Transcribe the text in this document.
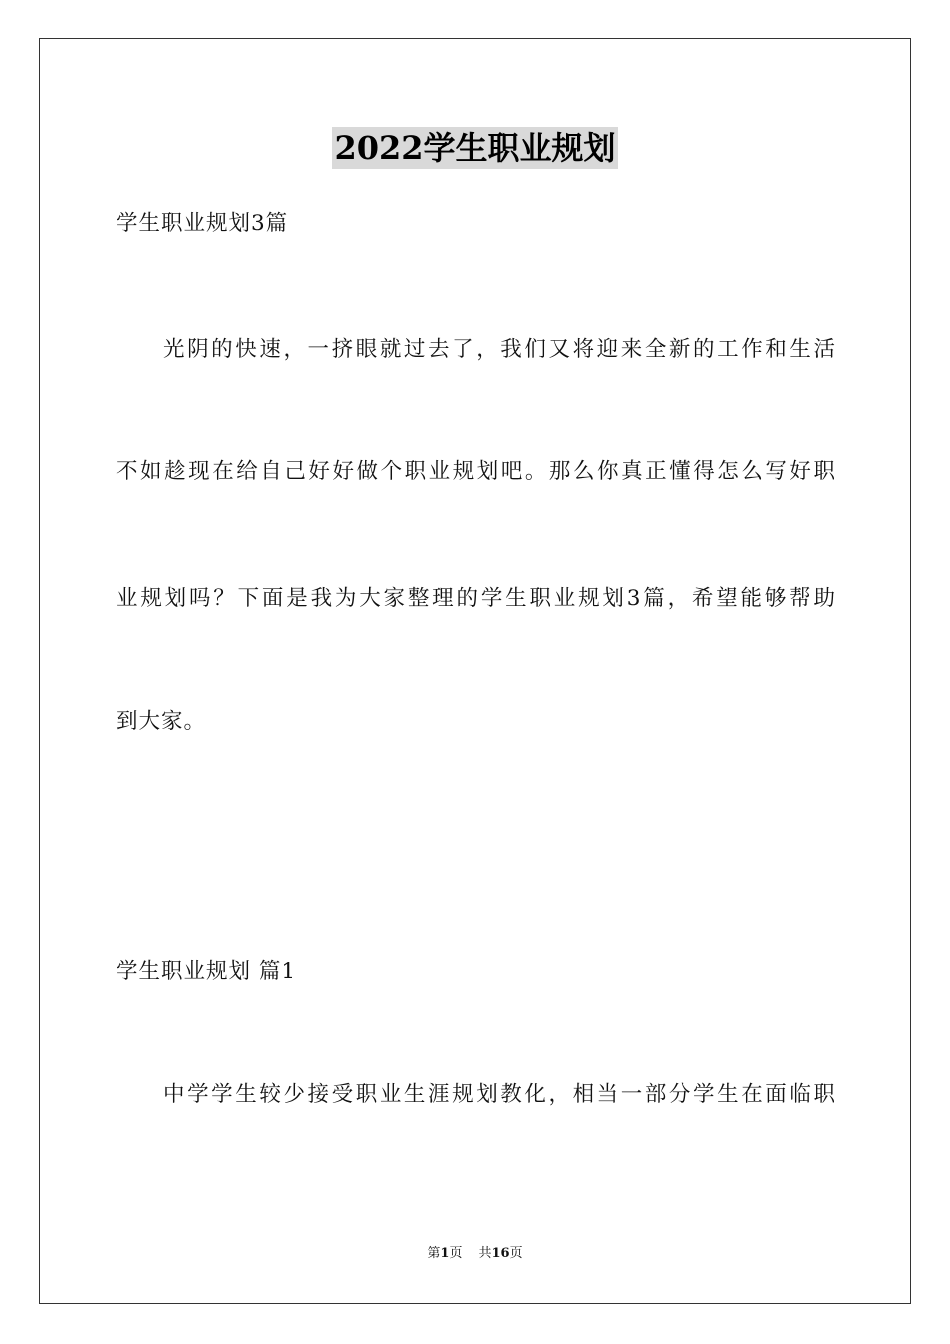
2022学生职业规划
学生职业规划3篇
光阴的快速，一挤眼就过去了，我们又将迎来全新的工作和生活
不如趁现在给自己好好做个职业规划吧。那么你真正懂得怎么写好职
业规划吗？下面是我为大家整理的学生职业规划3篇，希望能够帮助
到大家。
学生职业规划 篇1
中学学生较少接受职业生涯规划教化，相当一部分学生在面临职
第1页 共16页
